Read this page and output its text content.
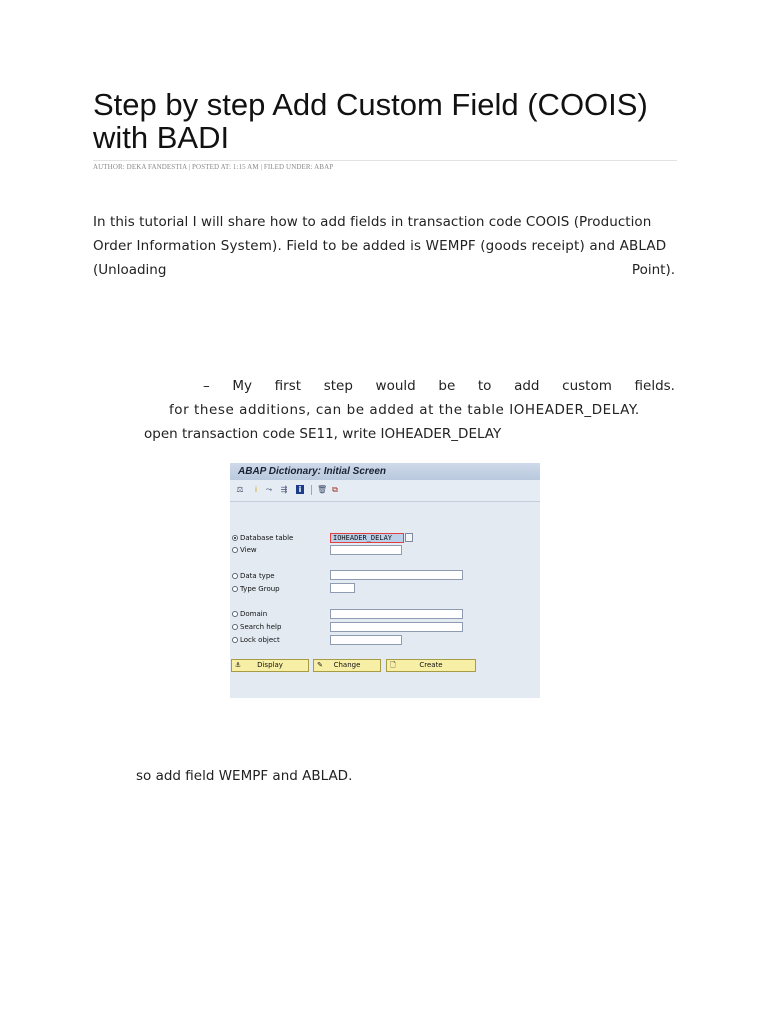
Step by step Add Custom Field (COOIS) with BADI
AUTHOR: DEKA FANDESTIA | POSTED AT: 1:15 AM | FILED UNDER: ABAP
In this tutorial I will share how to add fields in transaction code COOIS (Production
Order Information System). Field to be added is WEMPF (goods receipt) and ABLAD
(Unloading	Point).
– My first step would be to add custom fields.
for these additions, can be added at the table IOHEADER_DELAY.
open transaction code SE11, write IOHEADER_DELAY
ABAP Dictionary: Initial Screen
⚖	i	⤳ ⇶	i	🗑 ⧉
Database table	IOHEADER_DELAY
View
Data type
Type Group
Domain
Search help
Lock object
⚓ Display	✎ Change	🗋	Create
so add field WEMPF and ABLAD.
